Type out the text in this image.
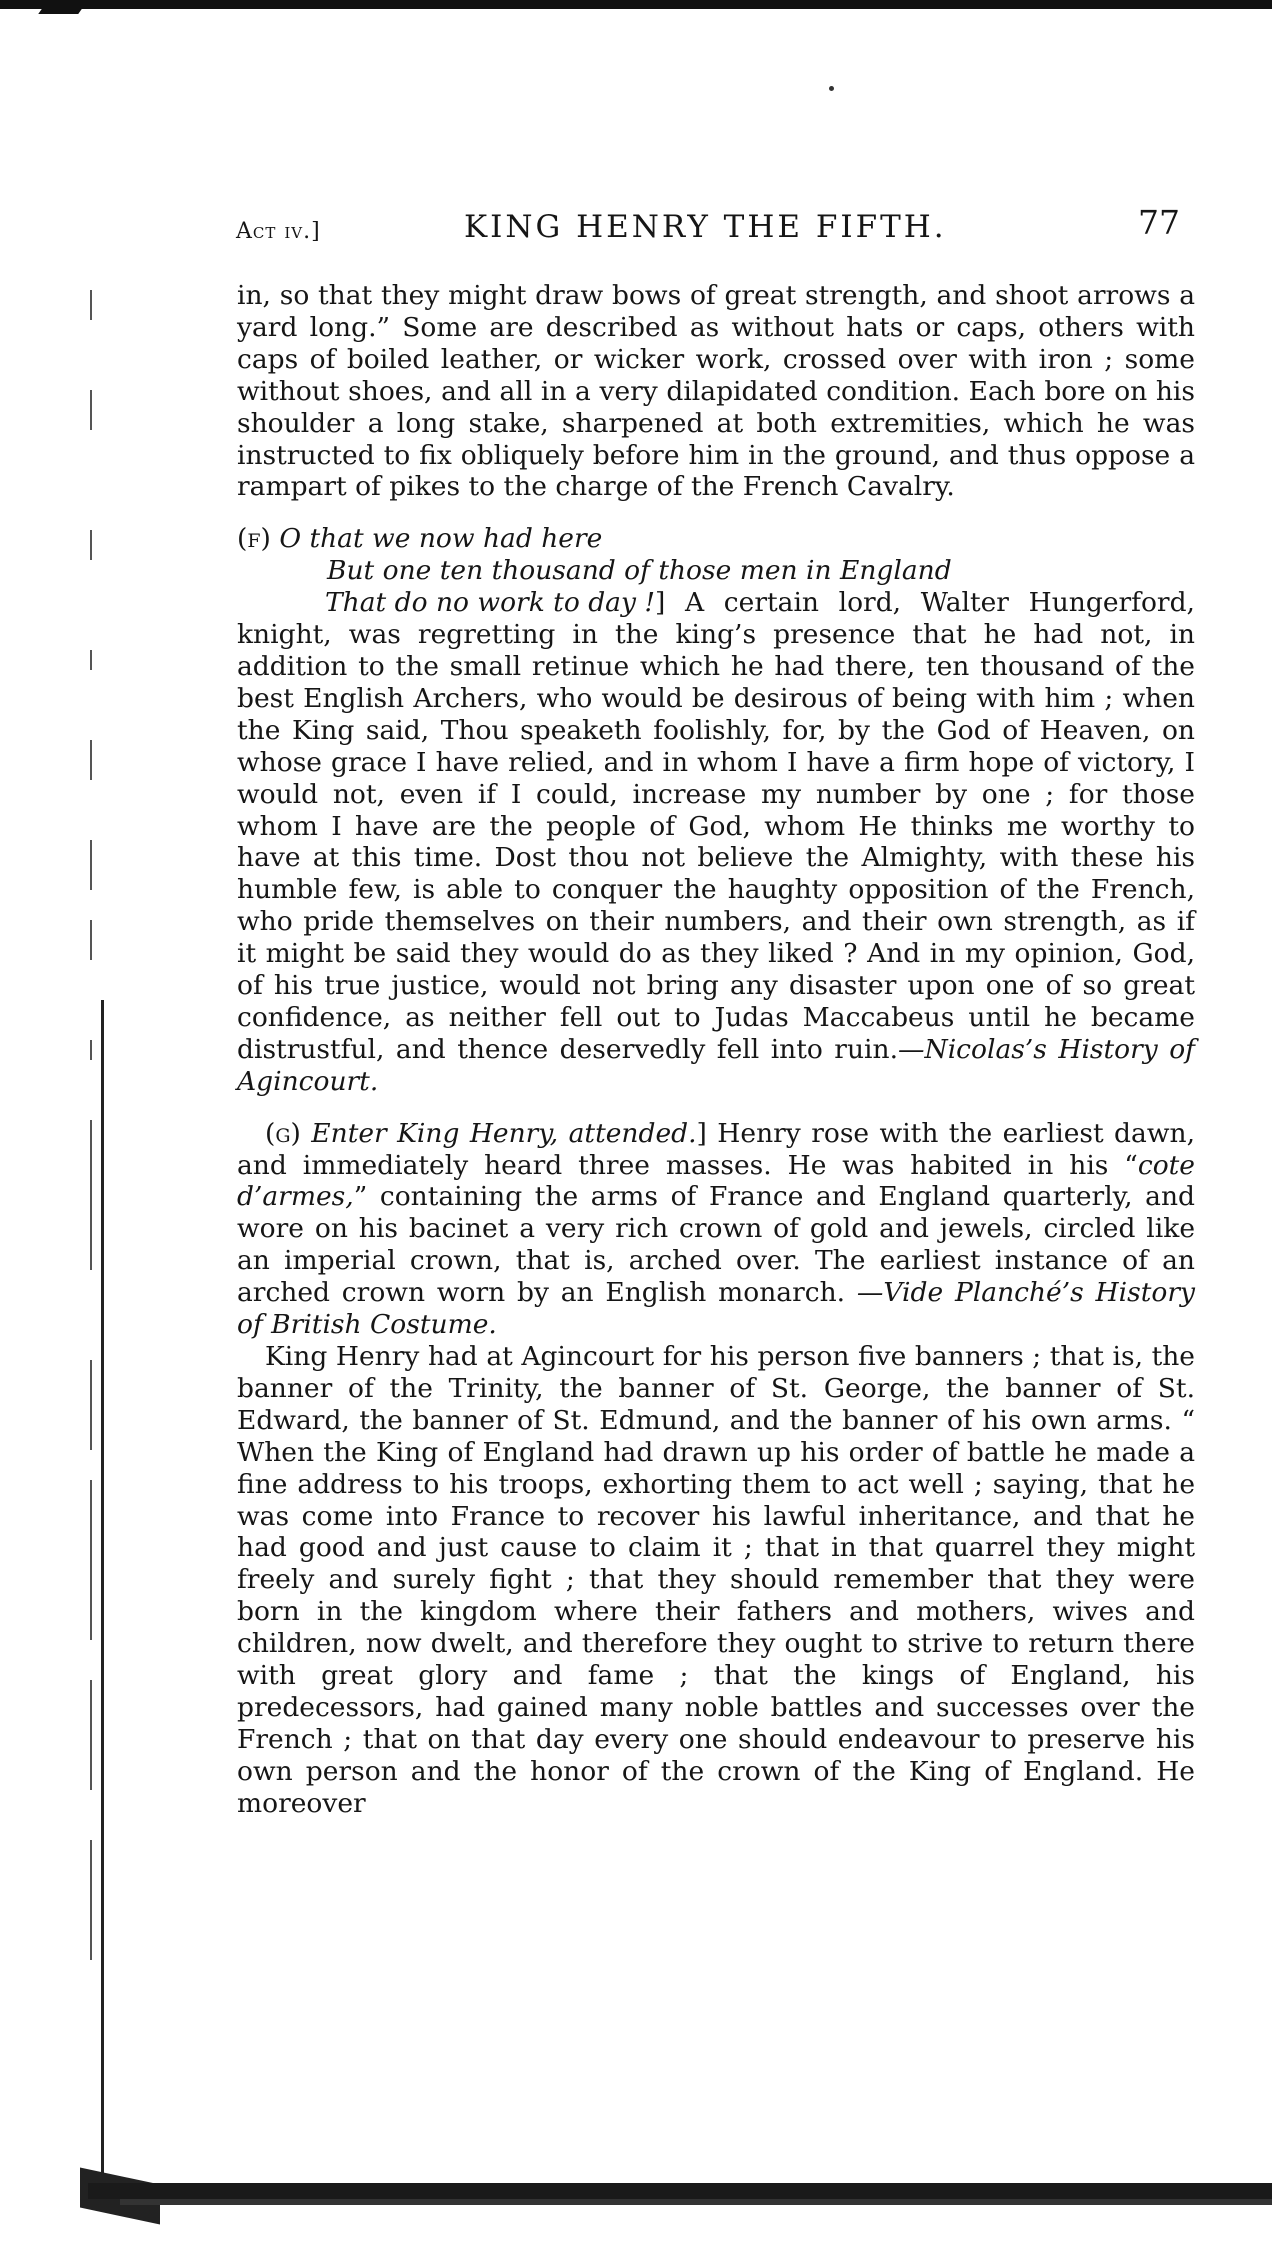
Act iv.]	KING HENRY THE FIFTH.	77

in, so that they might draw bows of great strength, and shoot arrows a yard long.” Some are described as without hats or caps, others with caps of boiled leather, or wicker work, crossed over with iron ; some without shoes, and all in a very dilapidated condition. Each bore on his shoulder a long stake, sharpened at both extremities, which he was instructed to fix obliquely before him in the ground, and thus oppose a rampart of pikes to the charge of the French Cavalry.

(f) O that we now had here

But one ten thousand of those men in England

That do no work to day !] A certain lord, Walter Hungerford, knight, was regretting in the king’s presence that he had not, in addition to the small retinue which he had there, ten thousand of the best English Archers, who would be desirous of being with him ; when the King said, Thou speaketh foolishly, for, by the God of Heaven, on whose grace I have relied, and in whom I have a firm hope of victory, I would not, even if I could, increase my number by one ; for those whom I have are the people of God, whom He thinks me worthy to have at this time. Dost thou not believe the Almighty, with these his humble few, is able to conquer the haughty opposition of the French, who pride themselves on their numbers, and their own strength, as if it might be said they would do as they liked ? And in my opinion, God, of his true justice, would not bring any disaster upon one of so great confidence, as neither fell out to Judas Maccabeus until he became distrustful, and thence deservedly fell into ruin.—Nicolas’s History of Agincourt.

(g) Enter King Henry, attended.] Henry rose with the earliest dawn, and immediately heard three masses. He was habited in his “cote d’armes,” containing the arms of France and England quarterly, and wore on his bacinet a very rich crown of gold and jewels, circled like an imperial crown, that is, arched over. The earliest instance of an arched crown worn by an English monarch. —Vide Planché’s History of British Costume.

King Henry had at Agincourt for his person five banners ; that is, the banner of the Trinity, the banner of St. George, the banner of St. Edward, the banner of St. Edmund, and the banner of his own arms. “ When the King of England had drawn up his order of battle he made a fine address to his troops, exhorting them to act well ; saying, that he was come into France to recover his lawful inheritance, and that he had good and just cause to claim it ; that in that quarrel they might freely and surely fight ; that they should remember that they were born in the kingdom where their fathers and mothers, wives and children, now dwelt, and therefore they ought to strive to return there with great glory and fame ; that the kings of England, his predecessors, had gained many noble battles and successes over the French ; that on that day every one should endeavour to preserve his own person and the honor of the crown of the King of England. He moreover
